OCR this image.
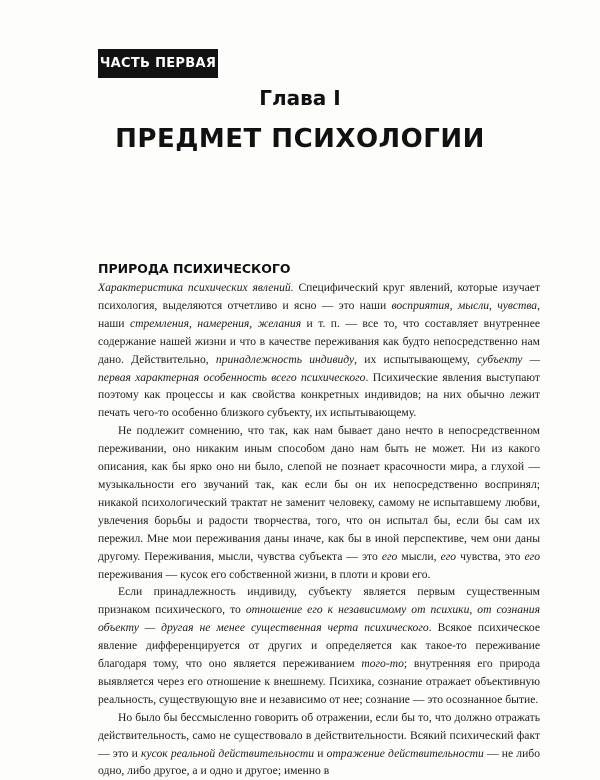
ЧАСТЬ ПЕРВАЯ
Глава I
ПРЕДМЕТ ПСИХОЛОГИИ
ПРИРОДА ПСИХИЧЕСКОГО

Характеристика психических явлений. Специфический круг явлений, которые изучает психология, выделяются отчетливо и ясно — это наши восприятия, мысли, чувства, наши стремления, намерения, желания и т. п. — все то, что составляет внутреннее содержание нашей жизни и что в качестве переживания как будто непосредственно нам дано. Действительно, принадлежность индивиду, их испытывающему, субъекту — первая характерная особенность всего психического. Психические явления выступают поэтому как процессы и как свойства конкретных индивидов; на них обычно лежит печать чего-то особенно близкого субъекту, их испытывающему.

Не подлежит сомнению, что так, как нам бывает дано нечто в непосредственном переживании, оно никаким иным способом дано нам быть не может. Ни из какого описания, как бы ярко оно ни было, слепой не познает красочности мира, а глухой — музыкальности его звучаний так, как если бы он их непосредственно воспринял; никакой психологический трактат не заменит человеку, самому не испытавшему любви, увлечения борьбы и радости творчества, того, что он испытал бы, если бы сам их пережил. Мне мои переживания даны иначе, как бы в иной перспективе, чем они даны другому. Переживания, мысли, чувства субъекта — это его мысли, его чувства, это его переживания — кусок его собственной жизни, в плоти и крови его.

Если принадлежность индивиду, субъекту является первым существенным признаком психического, то отношение его к независимому от психики, от сознания объекту — другая не менее существенная черта психического. Всякое психическое явление дифференцируется от других и определяется как такое-то переживание благодаря тому, что оно является переживанием того-то; внутренняя его природа выявляется через его отношение к внешнему. Психика, сознание отражает объективную реальность, существующую вне и независимо от нее; сознание — это осознанное бытие.

Но было бы бессмысленно говорить об отражении, если бы то, что должно отражать действительность, само не существовало в действительности. Всякий психический факт — это и кусок реальной действительности и отражение действительности — не либо одно, либо другое, а и одно и другое; именно в
